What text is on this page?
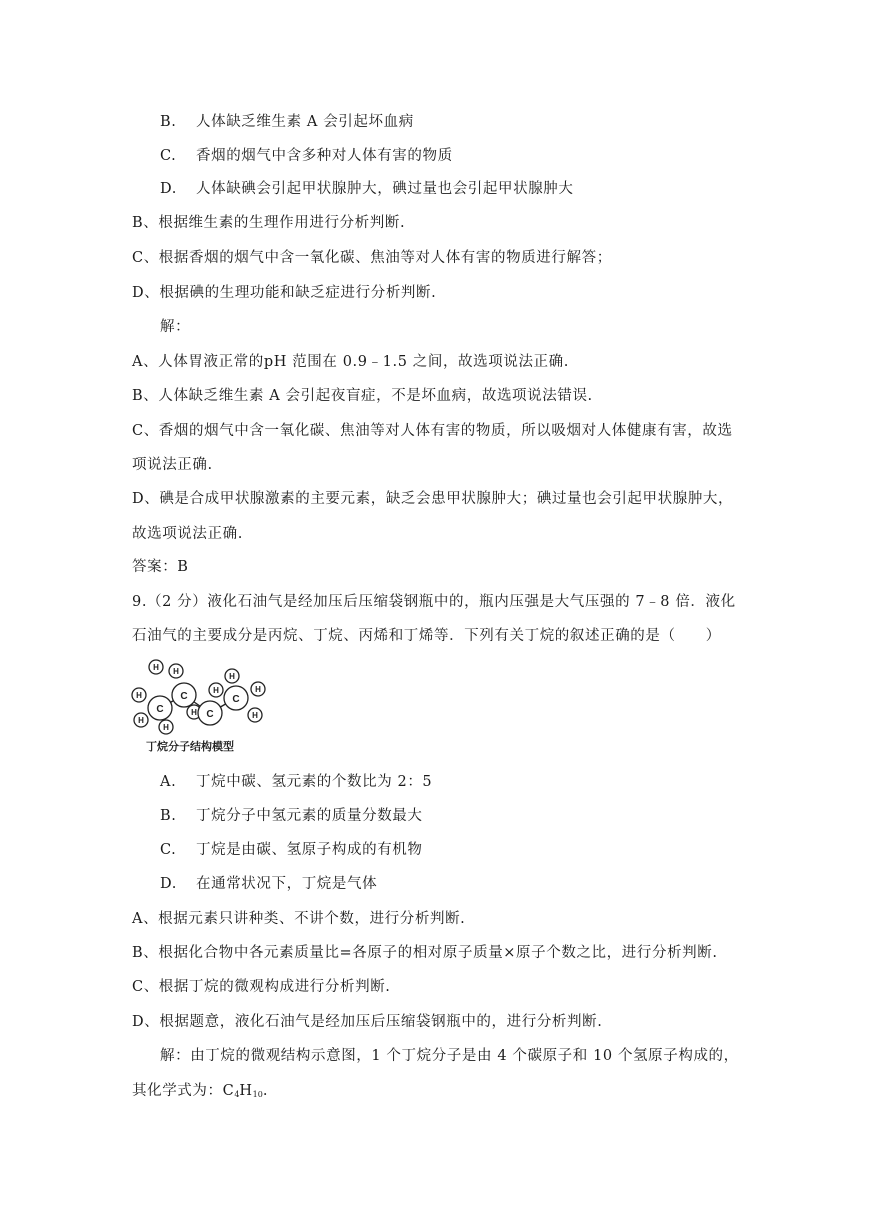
B. 人体缺乏维生素 A 会引起坏血病
C. 香烟的烟气中含多种对人体有害的物质
D. 人体缺碘会引起甲状腺肿大，碘过量也会引起甲状腺肿大
B、根据维生素的生理作用进行分析判断.
C、根据香烟的烟气中含一氧化碳、焦油等对人体有害的物质进行解答；
D、根据碘的生理功能和缺乏症进行分析判断.
解：
A、人体胃液正常的pH 范围在 0.9﹣1.5 之间，故选项说法正确.
B、人体缺乏维生素 A 会引起夜盲症，不是坏血病，故选项说法错误.
C、香烟的烟气中含一氧化碳、焦油等对人体有害的物质，所以吸烟对人体健康有害，故选
项说法正确.
D、碘是合成甲状腺激素的主要元素，缺乏会患甲状腺肿大；碘过量也会引起甲状腺肿大，
故选项说法正确.
答案：B
9.（2 分）液化石油气是经加压后压缩袋钢瓶中的，瓶内压强是大气压强的 7﹣8 倍．液化
石油气的主要成分是丙烷、丁烷、丙烯和丁烯等．下列有关丁烷的叙述正确的是（　　）
H H
H
H
H
H
H
H
H
H
C
C
C
C
丁烷分子结构模型
A. 丁烷中碳、氢元素的个数比为 2：5
B. 丁烷分子中氢元素的质量分数最大
C. 丁烷是由碳、氢原子构成的有机物
D. 在通常状况下，丁烷是气体
A、根据元素只讲种类、不讲个数，进行分析判断.
B、根据化合物中各元素质量比=各原子的相对原子质量×原子个数之比，进行分析判断.
C、根据丁烷的微观构成进行分析判断.
D、根据题意，液化石油气是经加压后压缩袋钢瓶中的，进行分析判断.
解：由丁烷的微观结构示意图，1 个丁烷分子是由 4 个碳原子和 10 个氢原子构成的，
其化学式为：$C_4H_{10}$.
